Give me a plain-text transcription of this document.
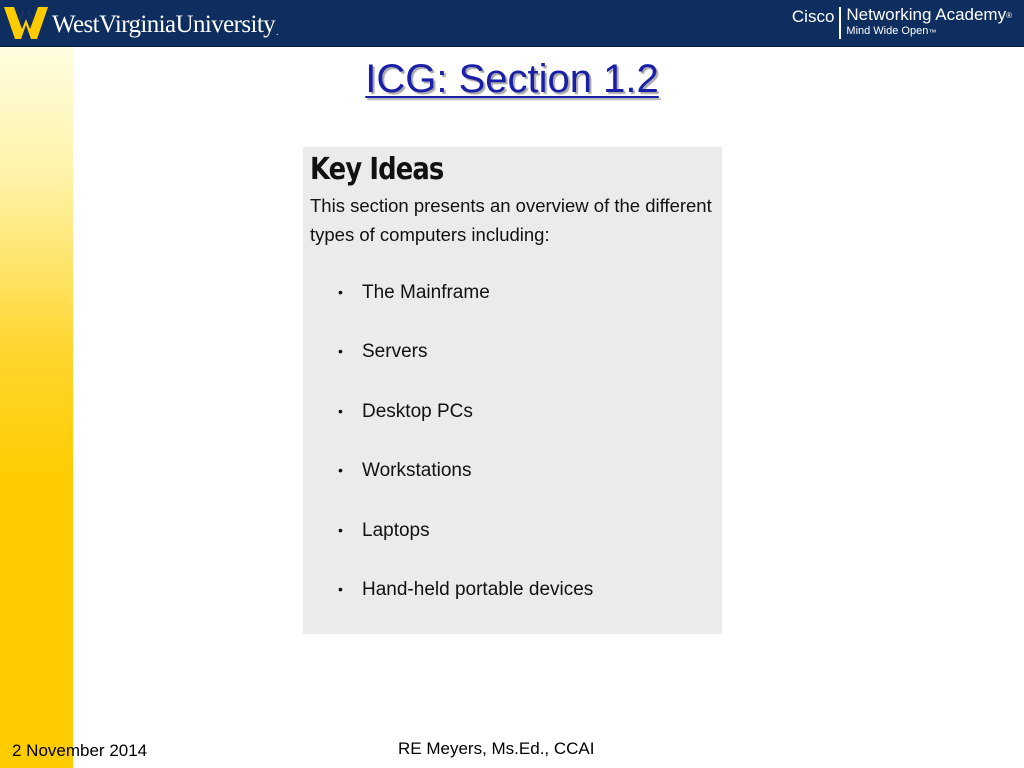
WestVirginiaUniversity.
Cisco Networking Academy®
Mind Wide Open™
ICG: Section 1.2
Key Ideas

This section presents an overview of the different types of computers including:

• The Mainframe
• Servers
• Desktop PCs
• Workstations
• Laptops
• Hand-held portable devices
2 November 2014	RE Meyers, Ms.Ed., CCAI
